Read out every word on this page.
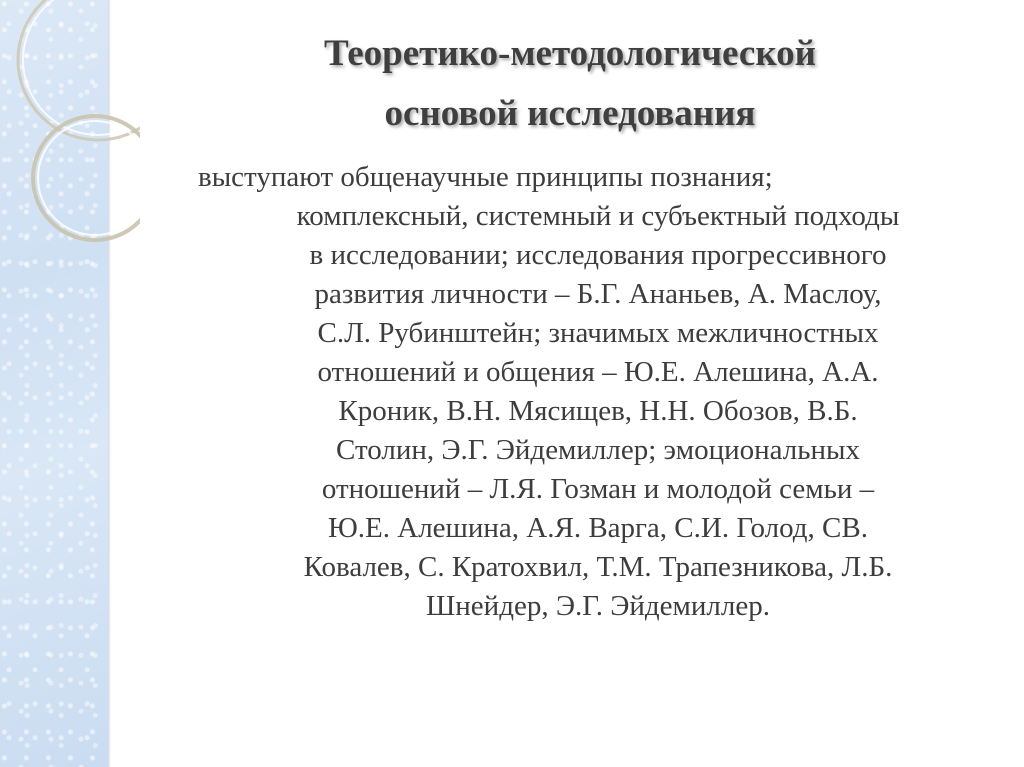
Теоретико-методологической
основой исследования

выступают общенаучные принципы познания;
комплексный, системный и субъектный подходы
в исследовании; исследования прогрессивного
развития личности – Б.Г. Ананьев, А. Маслоу,
С.Л. Рубинштейн; значимых межличностных
отношений и общения – Ю.Е. Алешина, А.А.
Кроник, В.Н. Мясищев, Н.Н. Обозов, В.Б.
Столин, Э.Г. Эйдемиллер; эмоциональных
отношений – Л.Я. Гозман и молодой семьи –
Ю.Е. Алешина, А.Я. Варга, С.И. Голод, СВ.
Ковалев, С. Кратохвил, Т.М. Трапезникова, Л.Б.
Шнейдер, Э.Г. Эйдемиллер.
